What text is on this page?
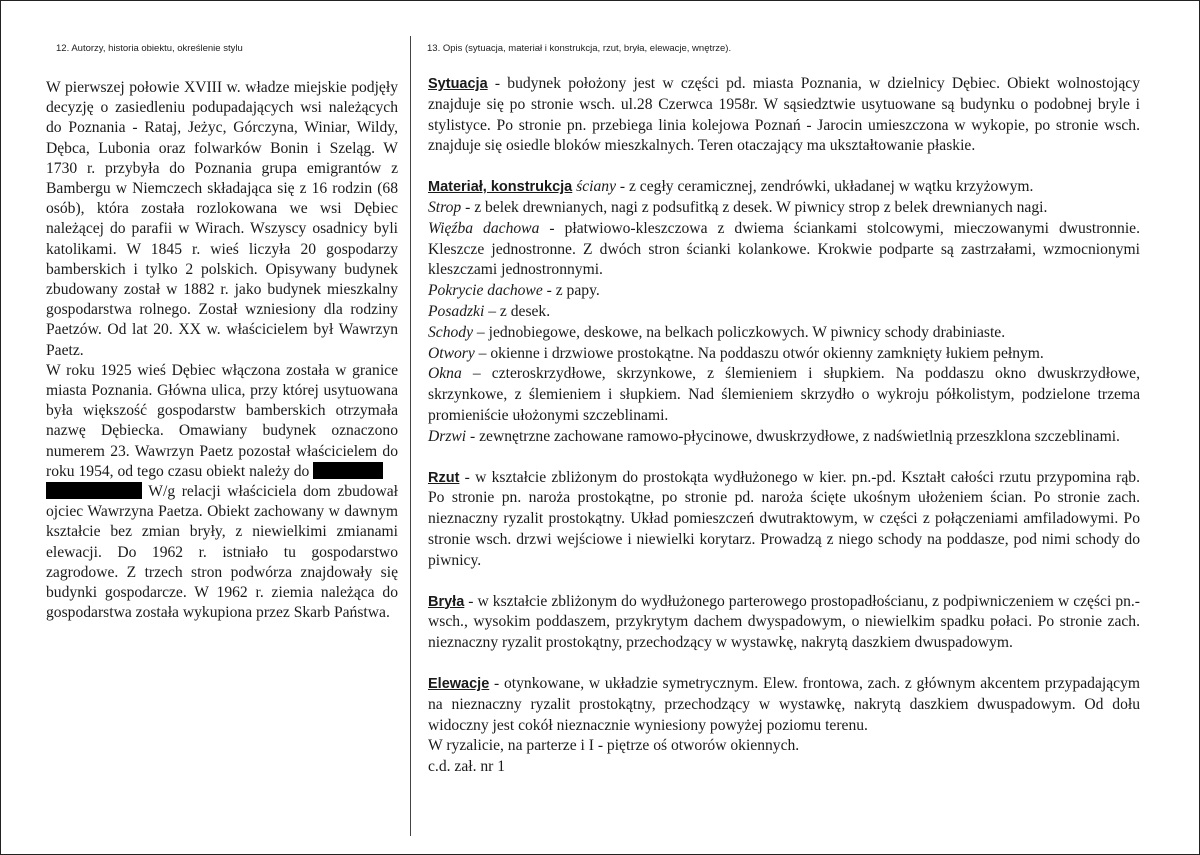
12. Autorzy, historia obiektu, określenie stylu	13. Opis (sytuacja, materiał i konstrukcja, rzut, bryła, elewacje, wnętrze).

W pierwszej połowie XVIII w. władze miejskie podjęły decyzję o zasiedleniu podupadających wsi należących do Poznania - Rataj, Jeżyc, Górczyna, Winiar, Wildy, Dębca, Lubonia oraz folwarków Bonin i Szeląg. W 1730 r. przybyła do Poznania grupa emigrantów z Bambergu w Niemczech składająca się z 16 rodzin (68 osób), która została rozlokowana we wsi Dębiec należącej do parafii w Wirach. Wszyscy osadnicy byli katolikami. W 1845 r. wieś liczyła 20 gospodarzy bamberskich i tylko 2 polskich. Opisywany budynek zbudowany został w 1882 r. jako budynek mieszkalny gospodarstwa rolnego. Został wzniesiony dla rodziny Paetzów. Od lat 20. XX w. właścicielem był Wawrzyn Paetz.

W roku 1925 wieś Dębiec włączona została w granice miasta Poznania. Główna ulica, przy której usytuowana była większość gospodarstw bamberskich otrzymała nazwę Dębiecka. Omawiany budynek oznaczono numerem 23. Wawrzyn Paetz pozostał właścicielem do roku 1954, od tego czasu obiekt należy do
W/g relacji właściciela dom zbudował ojciec Wawrzyna Paetza. Obiekt zachowany w dawnym kształcie bez zmian bryły, z niewielkimi zmianami elewacji. Do 1962 r. istniało tu gospodarstwo zagrodowe. Z trzech stron podwórza znajdowały się budynki gospodarcze. W 1962 r. ziemia należąca do gospodarstwa została wykupiona przez Skarb Państwa.

Sytuacja - budynek położony jest w części pd. miasta Poznania, w dzielnicy Dębiec. Obiekt wolnostojący znajduje się po stronie wsch. ul.28 Czerwca 1958r. W sąsiedztwie usytuowane są budynku o podobnej bryle i stylistyce. Po stronie pn. przebiega linia kolejowa Poznań - Jarocin umieszczona w wykopie, po stronie wsch. znajduje się osiedle bloków mieszkalnych. Teren otaczający ma ukształtowanie płaskie.

Materiał, konstrukcja ściany - z cegły ceramicznej, zendrówki, układanej w wątku krzyżowym.

Strop - z belek drewnianych, nagi z podsufitką z desek. W piwnicy strop z belek drewnianych nagi.

Więźba dachowa - płatwiowo-kleszczowa z dwiema ściankami stolcowymi, mieczowanymi dwustronnie. Kleszcze jednostronne. Z dwóch stron ścianki kolankowe. Krokwie podparte są zastrzałami, wzmocnionymi kleszczami jednostronnymi.

Pokrycie dachowe - z papy.

Posadzki – z desek.

Schody – jednobiegowe, deskowe, na belkach policzkowych. W piwnicy schody drabiniaste.

Otwory – okienne i drzwiowe prostokątne. Na poddaszu otwór okienny zamknięty łukiem pełnym.

Okna – czteroskrzydłowe, skrzynkowe, z ślemieniem i słupkiem. Na poddaszu okno dwuskrzydłowe, skrzynkowe, z ślemieniem i słupkiem. Nad ślemieniem skrzydło o wykroju półkolistym, podzielone trzema promieniście ułożonymi szczeblinami.

Drzwi - zewnętrzne zachowane ramowo-płycinowe, dwuskrzydłowe, z nadświetlnią przeszklona szczeblinami.

Rzut - w kształcie zbliżonym do prostokąta wydłużonego w kier. pn.-pd. Kształt całości rzutu przypomina rąb. Po stronie pn. naroża prostokątne, po stronie pd. naroża ścięte ukośnym ułożeniem ścian. Po stronie zach. nieznaczny ryzalit prostokątny. Układ pomieszczeń dwutraktowym, w części z połączeniami amfiladowymi. Po stronie wsch. drzwi wejściowe i niewielki korytarz. Prowadzą z niego schody na poddasze, pod nimi schody do piwnicy.

Bryła - w kształcie zbliżonym do wydłużonego parterowego prostopadłościanu, z podpiwniczeniem w części pn.-wsch., wysokim poddaszem, przykrytym dachem dwyspadowym, o niewielkim spadku połaci. Po stronie zach. nieznaczny ryzalit prostokątny, przechodzący w wystawkę, nakrytą daszkiem dwuspadowym.

Elewacje - otynkowane, w układzie symetrycznym. Elew. frontowa, zach. z głównym akcentem przypadającym na nieznaczny ryzalit prostokątny, przechodzący w wystawkę, nakrytą daszkiem dwuspadowym. Od dołu widoczny jest cokół nieznacznie wyniesiony powyżej poziomu terenu.

W ryzalicie, na parterze i I - piętrze oś otworów okiennych.

c.d. zał. nr 1
